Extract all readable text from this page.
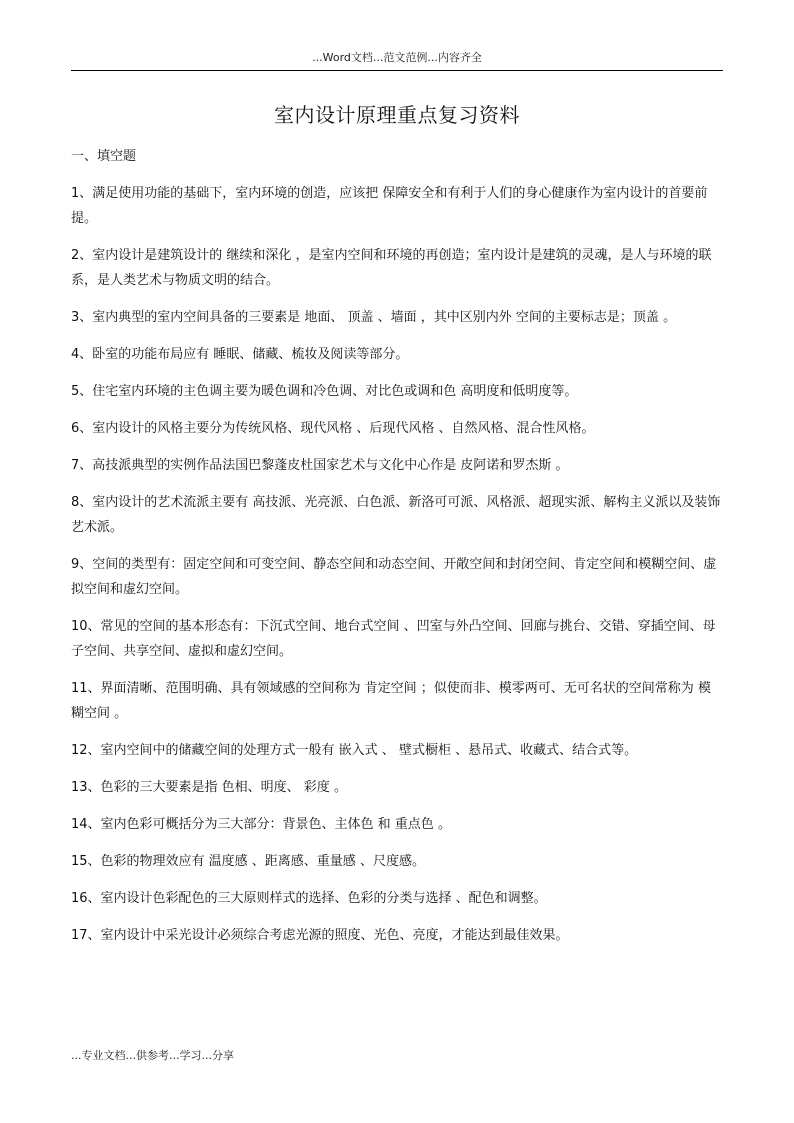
...Word文档...范文范例...内容齐全
室内设计原理重点复习资料
一、填空题

1、满足使用功能的基础下，室内环境的创造，应该把 保障安全和有利于人们的身心健康作为室内设计的首要前提。

2、室内设计是建筑设计的 继续和深化 ，是室内空间和环境的再创造；室内设计是建筑的灵魂，是人与环境的联系，是人类艺术与物质文明的结合。

3、室内典型的室内空间具备的三要素是 地面、 顶盖 、墙面 ，其中区别内外 空间的主要标志是；顶盖 。

4、卧室的功能布局应有 睡眠、储藏、梳妆及阅读等部分。

5、住宅室内环境的主色调主要为暖色调和冷色调、对比色或调和色 高明度和低明度等。

6、室内设计的风格主要分为传统风格、现代风格 、后现代风格 、自然风格、混合性风格。

7、高技派典型的实例作品法国巴黎蓬皮杜国家艺术与文化中心作是 皮阿诺和罗杰斯 。

8、室内设计的艺术流派主要有 高技派、光亮派、白色派、新洛可可派、风格派、超现实派、解构主义派以及装饰艺术派。

9、空间的类型有：固定空间和可变空间、静态空间和动态空间、开敞空间和封闭空间、肯定空间和模糊空间、虚拟空间和虚幻空间。

10、常见的空间的基本形态有：下沉式空间、地台式空间 、凹室与外凸空间、回廊与挑台、交错、穿插空间、母子空间、共享空间、虚拟和虚幻空间。

11、界面清晰、范围明确、具有领域感的空间称为 肯定空间 ；似使而非、模零两可、无可名状的空间常称为 模糊空间 。

12、室内空间中的储藏空间的处理方式一般有 嵌入式 、 壁式橱柜 、悬吊式、收藏式、结合式等。

13、色彩的三大要素是指 色相、明度、 彩度 。

14、室内色彩可概括分为三大部分：背景色、主体色 和 重点色 。

15、色彩的物理效应有 温度感 、距离感、重量感 、尺度感。

16、室内设计色彩配色的三大原则样式的选择、色彩的分类与选择 、配色和调整。

17、室内设计中采光设计必须综合考虑光源的照度、光色、亮度，才能达到最佳效果。

...专业文档...供参考...学习...分享
